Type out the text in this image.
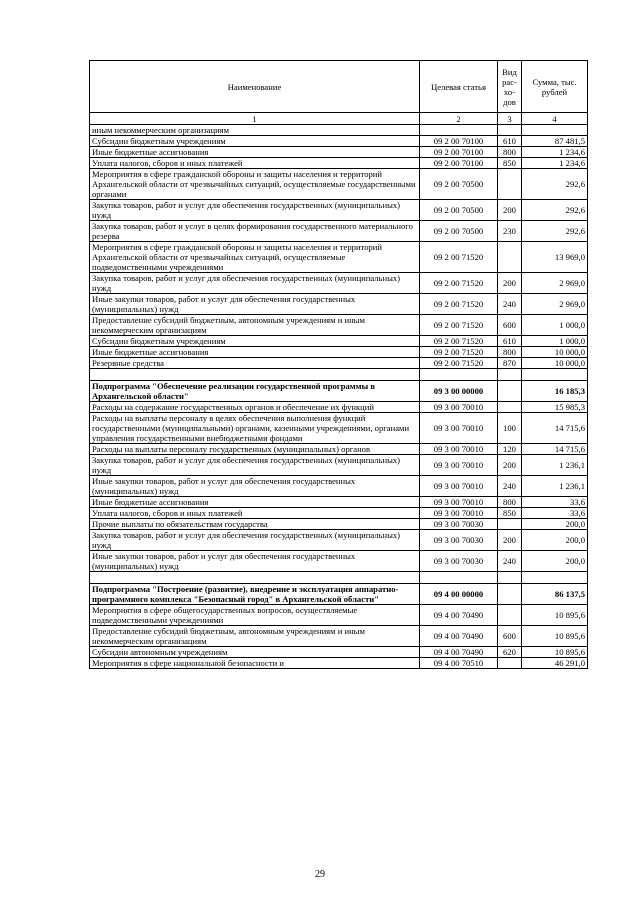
Наименование	Целевая статья	Вид рас-хо-дов	Сумма, тыс. рублей
1	2	3	4
иным некоммерческим организациям			
Субсидии бюджетным учреждениям	09 2 00 70100	610	87 481,5
Иные бюджетные ассигнования	09 2 00 70100	800	1 234,6
Уплата налогов, сборов и иных платежей	09 2 00 70100	850	1 234,6
Мероприятия в сфере гражданской обороны и защиты населения и территорий Архангельской области от чрезвычайных ситуаций, осуществляемые государственными органами	09 2 00 70500		292,6
Закупка товаров, работ и услуг для обеспечения государственных (муниципальных) нужд	09 2 00 70500	200	292,6
Закупка товаров, работ и услуг в целях формирования государственного материального резерва	09 2 00 70500	230	292,6
Мероприятия в сфере гражданской обороны и защиты населения и территорий Архангельской области от чрезвычайных ситуаций, осуществляемые подведомственными учреждениями	09 2 00 71520		13 969,0
Закупка товаров, работ и услуг для обеспечения государственных (муниципальных) нужд	09 2 00 71520	200	2 969,0
Иные закупки товаров, работ и услуг для обеспечения государственных (муниципальных) нужд	09 2 00 71520	240	2 969,0
Предоставление субсидий бюджетным, автономным учреждениям и иным некоммерческим организациям	09 2 00 71520	600	1 000,0
Субсидии бюджетным учреждениям	09 2 00 71520	610	1 000,0
Иные бюджетные ассигнования	09 2 00 71520	800	10 000,0
Резервные средства	09 2 00 71520	870	10 000,0

Подпрограмма "Обеспечение реализации государственной программы в Архангельской области"	09 3 00 00000		16 185,3
Расходы на содержание государственных органов и обеспечение их функций	09 3 00 70010		15 985,3
Расходы на выплаты персоналу в целях обеспечения выполнения функций государственными (муниципальными) органами, казенными учреждениями, органами управления государственными внебюджетными фондами	09 3 00 70010	100	14 715,6
Расходы на выплаты персоналу государственных (муниципальных) органов	09 3 00 70010	120	14 715,6
Закупка товаров, работ и услуг для обеспечения государственных (муниципальных) нужд	09 3 00 70010	200	1 236,1
Иные закупки товаров, работ и услуг для обеспечения государственных (муниципальных) нужд	09 3 00 70010	240	1 236,1
Иные бюджетные ассигнования	09 3 00 70010	800	33,6
Уплата налогов, сборов и иных платежей	09 3 00 70010	850	33,6
Прочие выплаты по обязательствам государства	09 3 00 70030		200,0
Закупка товаров, работ и услуг для обеспечения государственных (муниципальных) нужд	09 3 00 70030	200	200,0
Иные закупки товаров, работ и услуг для обеспечения государственных (муниципальных) нужд	09 3 00 70030	240	200,0

Подпрограмма "Построение (развитие), внедрение и эксплуатация аппаратно-программного комплекса "Безопасный город" в Архангельской области"	09 4 00 00000		86 137,5
Мероприятия в сфере общегосударственных вопросов, осуществляемые подведомственными учреждениями	09 4 00 70490		10 895,6
Предоставление субсидий бюджетным, автономным учреждениям и иным некоммерческим организациям	09 4 00 70490	600	10 895,6
Субсидии автономным учреждениям	09 4 00 70490	620	10 895,6
Мероприятия в сфере национальной безопасности и	09 4 00 70510		46 291,0
29
